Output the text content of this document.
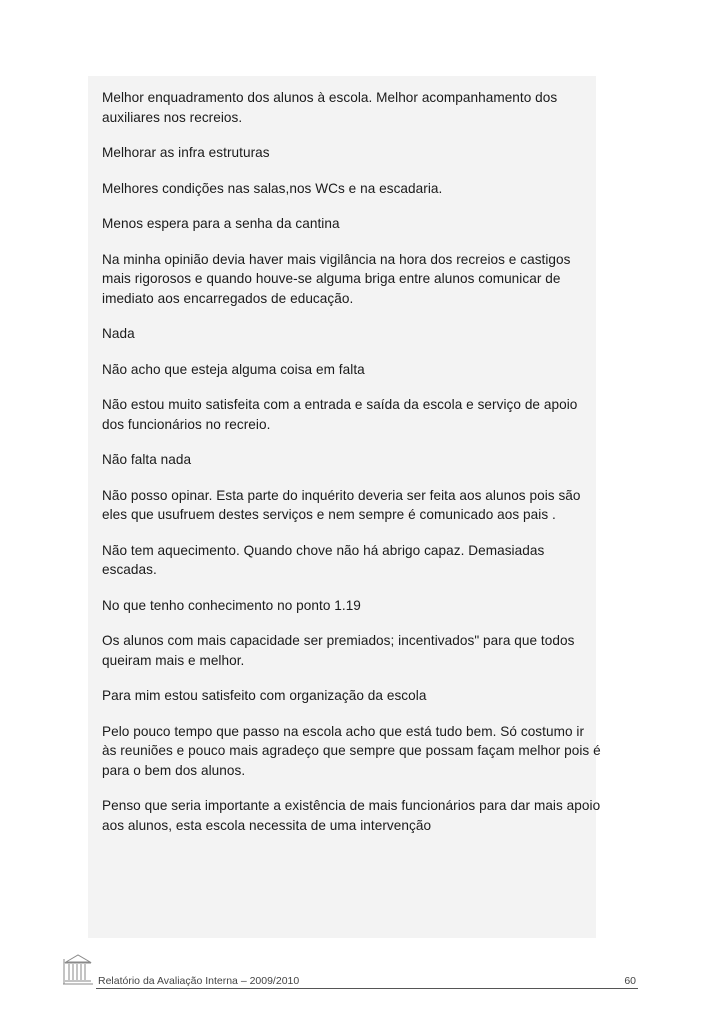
Melhor enquadramento dos alunos à escola. Melhor acompanhamento dos auxiliares nos recreios.

Melhorar as infra estruturas

Melhores condições nas salas,nos WCs e na escadaria.

Menos espera para a senha da cantina

Na minha opinião devia haver mais vigilância na hora dos recreios e castigos mais rigorosos e quando houve-se alguma briga entre alunos comunicar de imediato aos encarregados de educação.

Nada

Não acho que esteja alguma coisa em falta

Não estou muito satisfeita com a entrada e saída da escola e serviço de apoio dos funcionários no recreio.

Não falta nada

Não posso opinar. Esta parte do inquérito deveria ser feita aos alunos pois são eles que usufruem destes serviços e nem sempre é comunicado aos pais .

Não tem aquecimento. Quando chove não há abrigo capaz. Demasiadas escadas.

No que tenho conhecimento no ponto 1.19

Os alunos com mais capacidade ser premiados; incentivados" para que todos queiram mais e melhor.

Para mim estou satisfeito com organização da escola

Pelo pouco tempo que passo na escola acho que está tudo bem. Só costumo ir às reuniões e pouco mais agradeço que sempre que possam façam melhor pois é para o bem dos alunos.

Penso que seria importante a existência de mais funcionários para dar mais apoio aos alunos, esta escola necessita de uma intervenção

Relatório da Avaliação Interna – 2009/2010	60
